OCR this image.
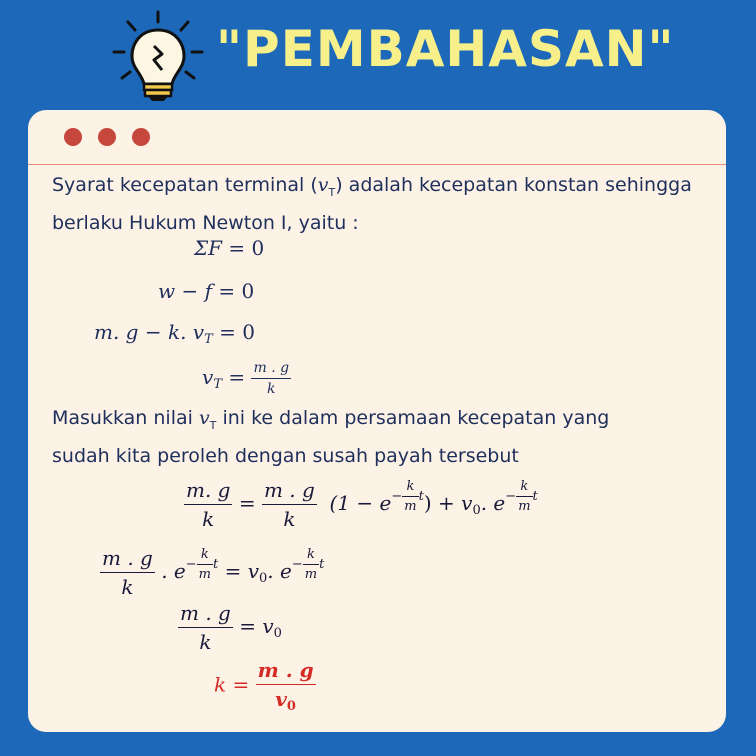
"PEMBAHASAN"
Syarat kecepatan terminal $(v_T)$ adalah kecepatan konstan sehingga
berlaku Hukum Newton I, yaitu :
ΣF = 0
w − f = 0
m. g − k. $v_T = 0$
$v_T = \frac{m . g}{k}$
Masukkan nilai $v_T$ ini ke dalam persamaan kecepatan yang
sudah kita peroleh dengan susah payah tersebut
$\frac{m. g}{k} = \frac{m . g}{k} (1 - e^{- \frac{k}{m} t}) + v_0$. $e^{- \frac{k}{m} t}$
$\frac{m . g}{k}$ . $e^{- \frac{k}{m} t} = v_0$. $e^{- \frac{k}{m} t}$
$\frac{m . g}{k} = v_0$
$k = \frac{m . g}{v_0}$
